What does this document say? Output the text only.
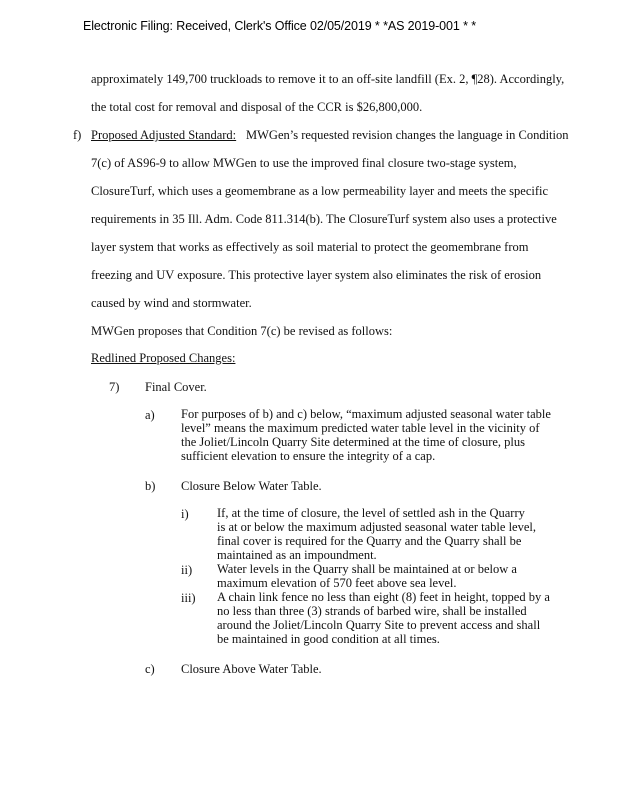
Electronic Filing: Received, Clerk's Office 02/05/2019 * *AS 2019-001 * *
approximately 149,700 truckloads to remove it to an off-site landfill (Ex. 2, ¶28). Accordingly,
the total cost for removal and disposal of the CCR is $26,800,000.
f) Proposed Adjusted Standard: MWGen’s requested revision changes the language in Condition
7(c) of AS96-9 to allow MWGen to use the improved final closure two-stage system,
ClosureTurf, which uses a geomembrane as a low permeability layer and meets the specific
requirements in 35 Ill. Adm. Code 811.314(b). The ClosureTurf system also uses a protective
layer system that works as effectively as soil material to protect the geomembrane from
freezing and UV exposure. This protective layer system also eliminates the risk of erosion
caused by wind and stormwater.
MWGen proposes that Condition 7(c) be revised as follows:
Redlined Proposed Changes:
7) Final Cover.
a) For purposes of b) and c) below, “maximum adjusted seasonal water table
level” means the maximum predicted water table level in the vicinity of
the Joliet/Lincoln Quarry Site determined at the time of closure, plus
sufficient elevation to ensure the integrity of a cap.
b) Closure Below Water Table.
i) If, at the time of closure, the level of settled ash in the Quarry
is at or below the maximum adjusted seasonal water table level,
final cover is required for the Quarry and the Quarry shall be
maintained as an impoundment.
ii) Water levels in the Quarry shall be maintained at or below a
maximum elevation of 570 feet above sea level.
iii) A chain link fence no less than eight (8) feet in height, topped by a
no less than three (3) strands of barbed wire, shall be installed
around the Joliet/Lincoln Quarry Site to prevent access and shall
be maintained in good condition at all times.
c) Closure Above Water Table.
